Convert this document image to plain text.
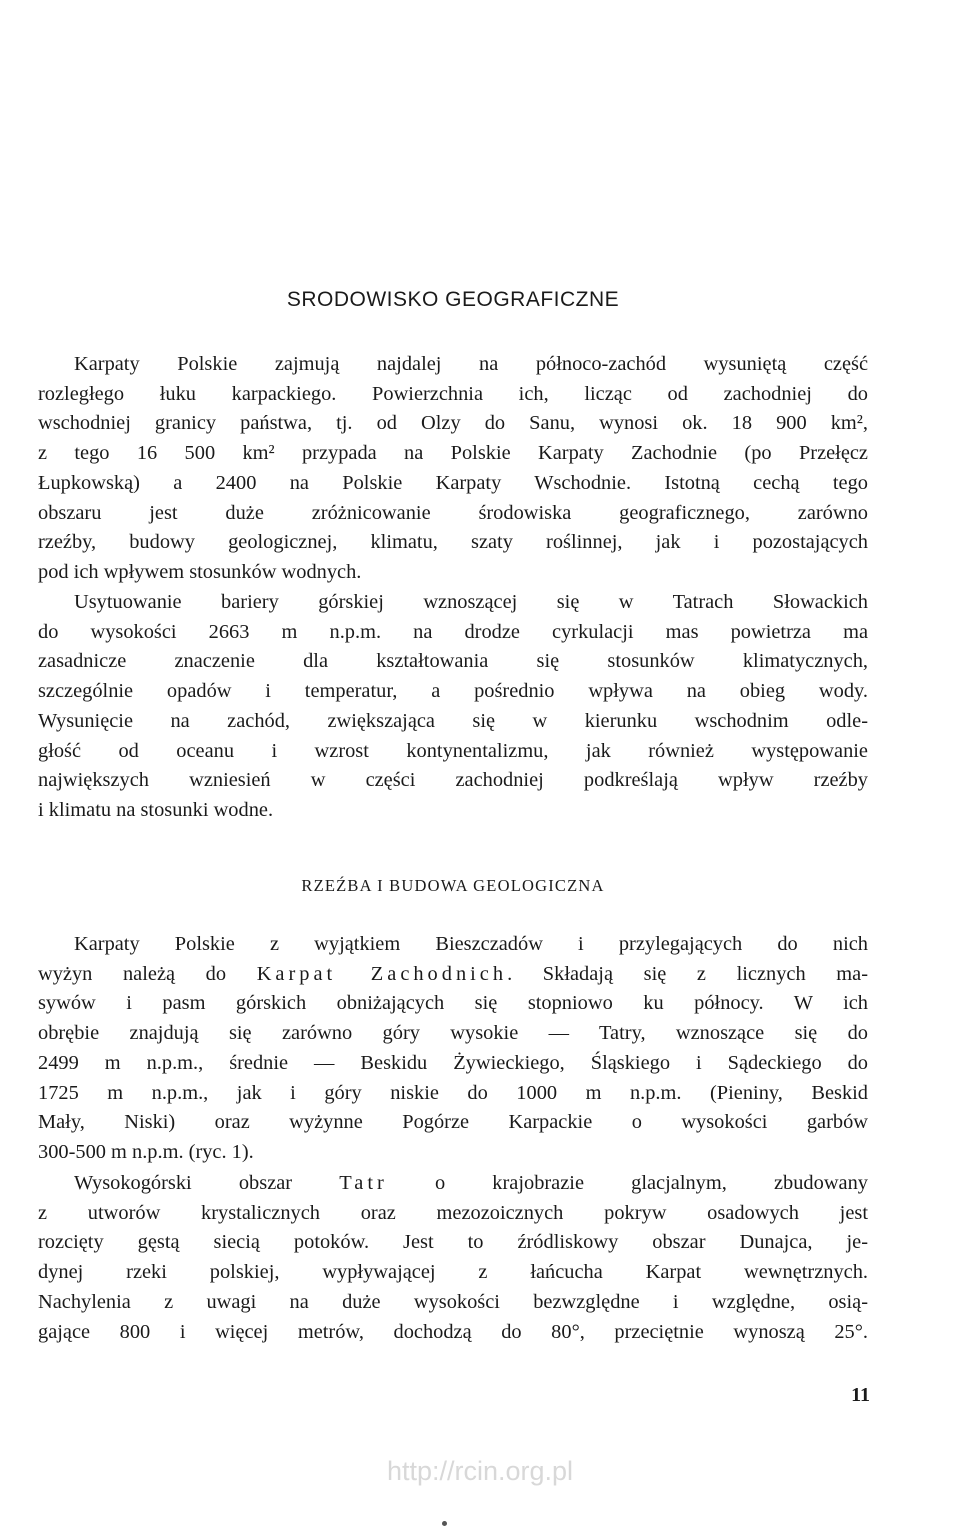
SRODOWISKO GEOGRAFICZNE

Karpaty Polskie zajmują najdalej na północo-zachód wysuniętą część
rozległego łuku karpackiego. Powierzchnia ich, licząc od zachodniej do
wschodniej granicy państwa, tj. od Olzy do Sanu, wynosi ok. 18 900 km²,
z tego 16 500 km² przypada na Polskie Karpaty Zachodnie (po Przełęcz
Łupkowską) a 2400 na Polskie Karpaty Wschodnie. Istotną cechą tego
obszaru jest duże zróżnicowanie środowiska geograficznego, zarówno
rzeźby, budowy geologicznej, klimatu, szaty roślinnej, jak i pozostających
pod ich wpływem stosunków wodnych.

Usytuowanie bariery górskiej wznoszącej się w Tatrach Słowackich
do wysokości 2663 m n.p.m. na drodze cyrkulacji mas powietrza ma
zasadnicze znaczenie dla kształtowania się stosunków klimatycznych,
szczególnie opadów i temperatur, a pośrednio wpływa na obieg wody.
Wysunięcie na zachód, zwiększająca się w kierunku wschodnim odle-
głość od oceanu i wzrost kontynentalizmu, jak również występowanie
największych wzniesień w części zachodniej podkreślają wpływ rzeźby
i klimatu na stosunki wodne.

RZEŹBA I BUDOWA GEOLOGICZNA

Karpaty Polskie z wyjątkiem Bieszczadów i przylegających do nich
wyżyn należą do Karpat Zachodnich. Składają się z licznych ma-
sywów i pasm górskich obniżających się stopniowo ku północy. W ich
obrębie znajdują się zarówno góry wysokie — Tatry, wznoszące się do
2499 m n.p.m., średnie — Beskidu Żywieckiego, Śląskiego i Sądeckiego do
1725 m n.p.m., jak i góry niskie do 1000 m n.p.m. (Pieniny, Beskid
Mały, Niski) oraz wyżynne Pogórze Karpackie o wysokości garbów
300-500 m n.p.m. (ryc. 1).

Wysokogórski obszar Tatr o krajobrazie glacjalnym, zbudowany
z utworów krystalicznych oraz mezozoicznych pokryw osadowych jest
rozcięty gęstą siecią potoków. Jest to źródliskowy obszar Dunajca, je-
dynej rzeki polskiej, wypływającej z łańcucha Karpat wewnętrznych.
Nachylenia z uwagi na duże wysokości bezwzględne i względne, osią-
gające 800 i więcej metrów, dochodzą do 80°, przeciętnie wynoszą 25°.

11
http://rcin.org.pl
